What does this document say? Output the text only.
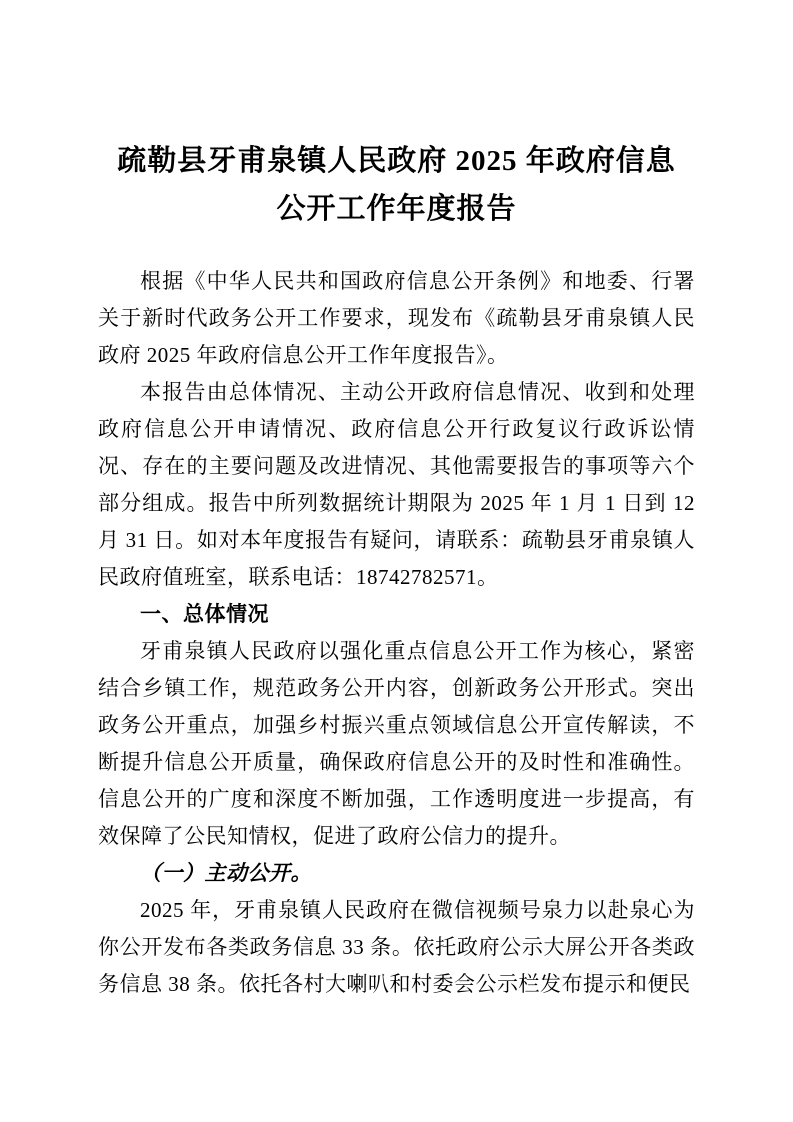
疏勒县牙甫泉镇人民政府 2025 年政府信息
公开工作年度报告

根据《中华人民共和国政府信息公开条例》和地委、行署关于新时代政务公开工作要求，现发布《疏勒县牙甫泉镇人民政府 2025 年政府信息公开工作年度报告》。

本报告由总体情况、主动公开政府信息情况、收到和处理政府信息公开申请情况、政府信息公开行政复议行政诉讼情况、存在的主要问题及改进情况、其他需要报告的事项等六个部分组成。报告中所列数据统计期限为 2025 年 1 月 1 日到 12 月 31 日。如对本年度报告有疑问，请联系：疏勒县牙甫泉镇人民政府值班室，联系电话：18742782571。

一、总体情况

牙甫泉镇人民政府以强化重点信息公开工作为核心，紧密结合乡镇工作，规范政务公开内容，创新政务公开形式。突出政务公开重点，加强乡村振兴重点领域信息公开宣传解读，不断提升信息公开质量，确保政府信息公开的及时性和准确性。信息公开的广度和深度不断加强，工作透明度进一步提高，有效保障了公民知情权，促进了政府公信力的提升。

（一）主动公开。

2025 年，牙甫泉镇人民政府在微信视频号泉力以赴泉心为你公开发布各类政务信息 33 条。依托政府公示大屏公开各类政务信息 38 条。依托各村大喇叭和村委会公示栏发布提示和便民
